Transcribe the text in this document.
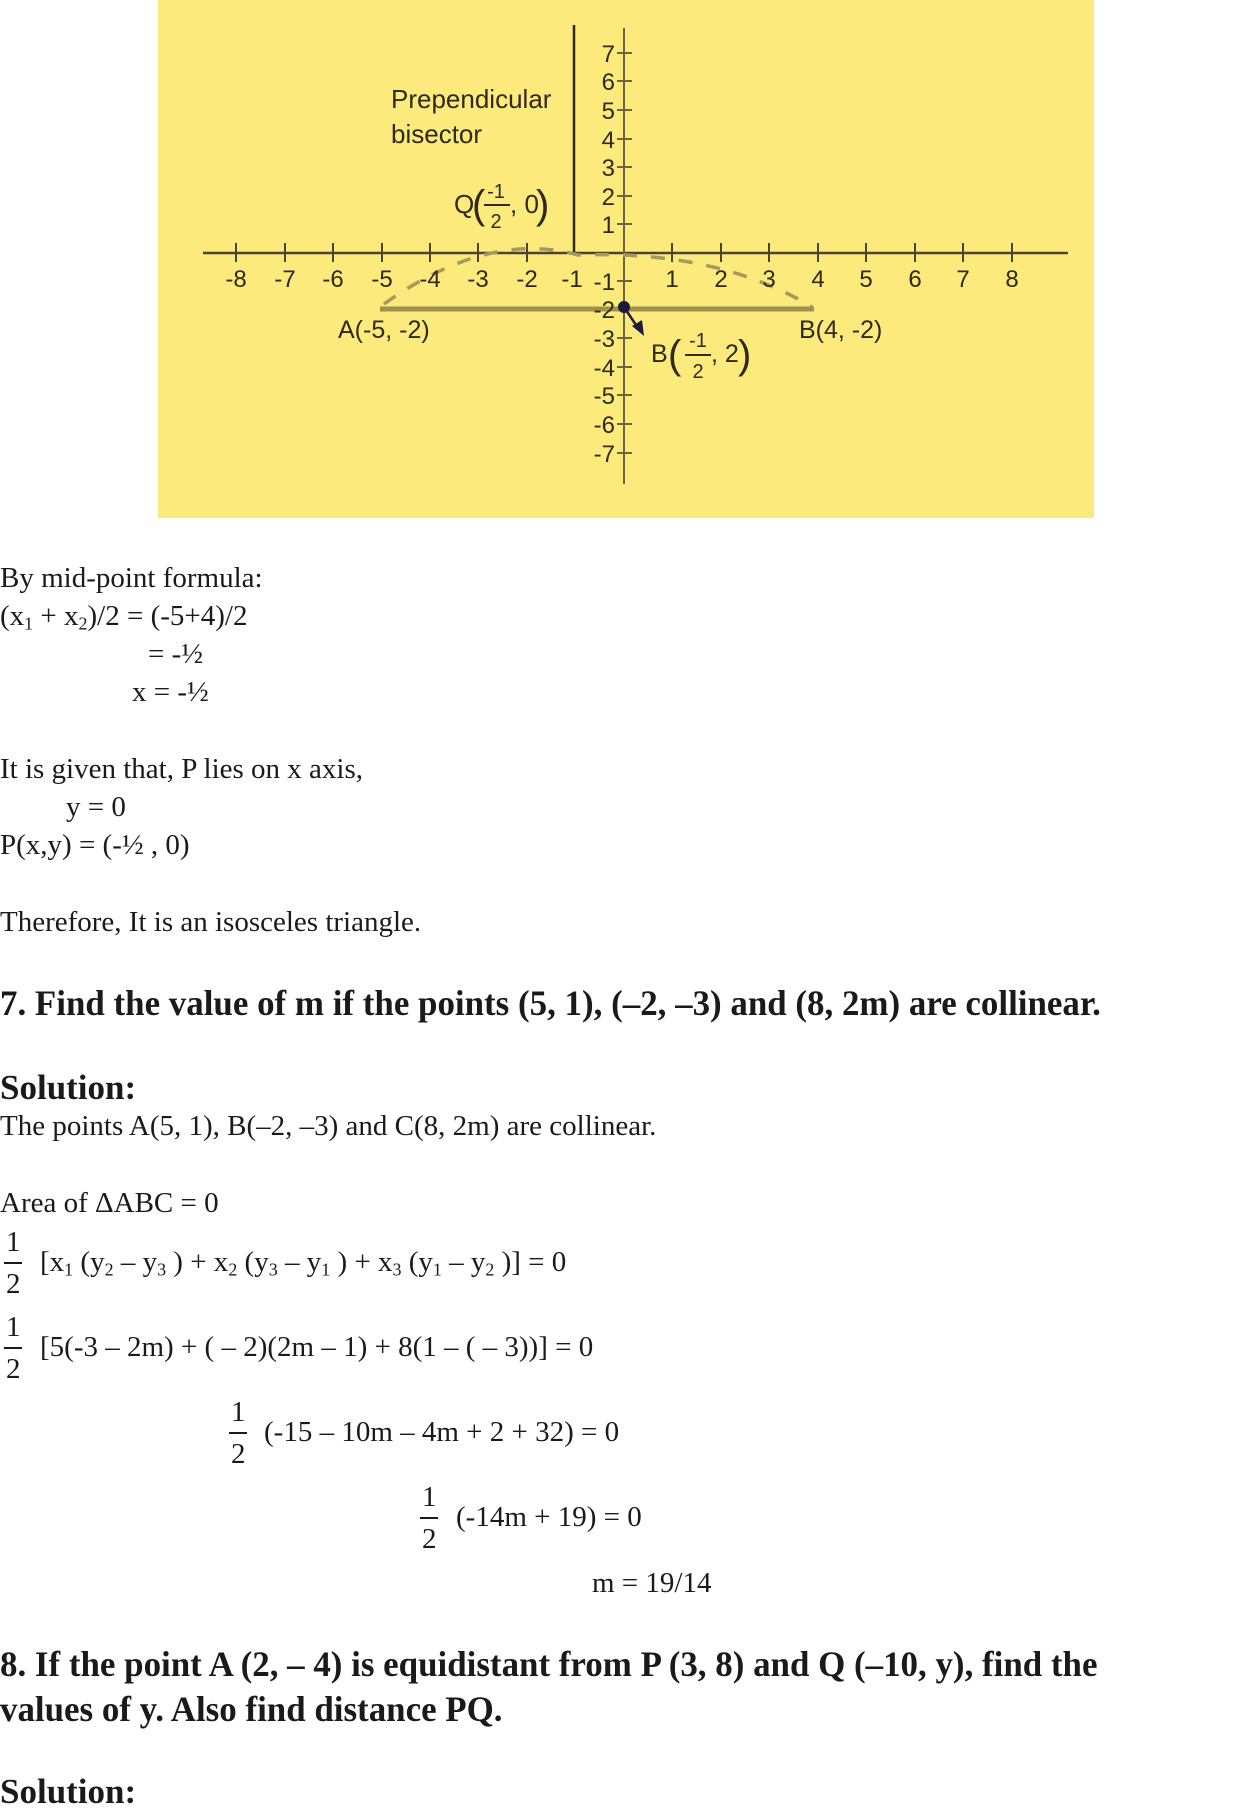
-8 -7 -6 -5 -4 -3 -2 -1	1 2 3 4 5 6 7 8
7
6
5
4
3
2
1
-1
-2
-3
-4
-5
-6
-7
Prependicular
bisector
Q
( -1
2
, 0
)
A(-5, -2)	B(4, -2)
B ( -1
2
, 2 )
By mid-point formula:
$(x_1 + x_2)/2 = (-5+4)/2$
= -½
x = -½
It is given that, P lies on x axis,
y = 0
P(x,y) = (-½ , 0)
Therefore, It is an isosceles triangle.
7. Find the value of m if the points (5, 1), (–2, –3) and (8, 2m) are collinear.
Solution:
The points A(5, 1), B(–2, –3) and C(8, 2m) are collinear.
Area of ΔABC = 0
1
2
[$x_1$ ($y_2 - y_3$ ) + $x_2$ ($y_3 - y_1$ ) + $x_3$ ($y_1 - y_2$ )] = 0
1
2
[5(-3 – 2m) + ( – 2)(2m – 1) + 8(1 – ( – 3))] = 0
1
2
(-15 – 10m – 4m + 2 + 32) = 0
1
2
(-14m + 19) = 0
m = 19/14
8. If the point A (2, – 4) is equidistant from P (3, 8) and Q (–10, y), find the
values of y. Also find distance PQ.
Solution:
